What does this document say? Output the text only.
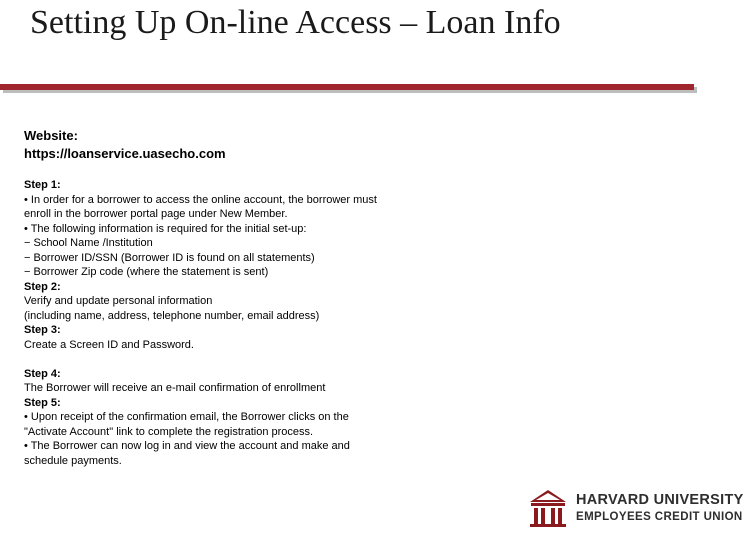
Setting Up On-line Access – Loan Info
Website:
https://loanservice.uasecho.com
Step 1:
• In order for a borrower to access the online account, the borrower must
enroll in the borrower portal page under New Member.
• The following information is required for the initial set-up:
− School Name /Institution
− Borrower ID/SSN (Borrower ID is found on all statements)
− Borrower Zip code (where the statement is sent)
Step 2:
Verify and update personal information
(including name, address, telephone number, email address)
Step 3:
Create a Screen ID and Password.
Step 4:
The Borrower will receive an e-mail confirmation of enrollment
Step 5:
• Upon receipt of the confirmation email, the Borrower clicks on the
"Activate Account" link to complete the registration process.
• The Borrower can now log in and view the account and make and
schedule payments.
HARVARD UNIVERSITY
EMPLOYEES CREDIT UNION
